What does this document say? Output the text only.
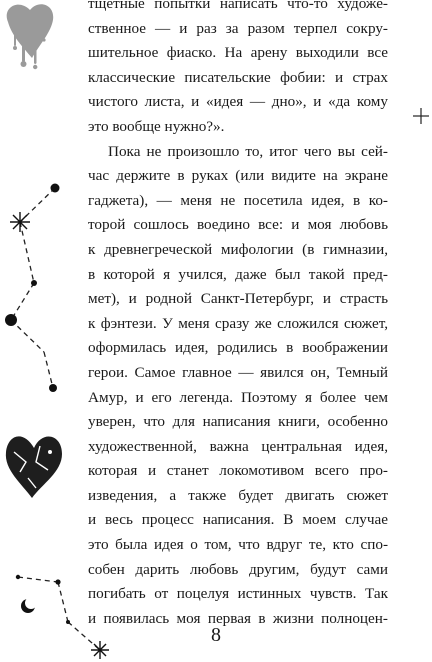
тщетные попытки написать что-то художе-
ственное — и раз за разом терпел сокру-
шительное фиаско. На арену выходили все
классические писательские фобии: и страх
чистого листа, и «идея — дно», и «да кому
это вообще нужно?».
Пока не произошло то, итог чего вы сей-
час держите в руках (или видите на экране
гаджета), — меня не посетила идея, в ко-
торой сошлось воедино все: и моя любовь
к древнегреческой мифологии (в гимназии,
в которой я учился, даже был такой пред-
мет), и родной Санкт-Петербург, и страсть
к фэнтези. У меня сразу же сложился сюжет,
оформилась идея, родились в воображении
герои. Самое главное — явился он, Темный
Амур, и его легенда. Поэтому я более чем
уверен, что для написания книги, особенно
художественной, важна центральная идея,
которая и станет локомотивом всего про-
изведения, а также будет двигать сюжет
и весь процесс написания. В моем случае
это была идея о том, что вдруг те, кто спо-
собен дарить любовь другим, будут сами
погибать от поцелуя истинных чувств. Так
и появилась моя первая в жизни полноцен-
8
